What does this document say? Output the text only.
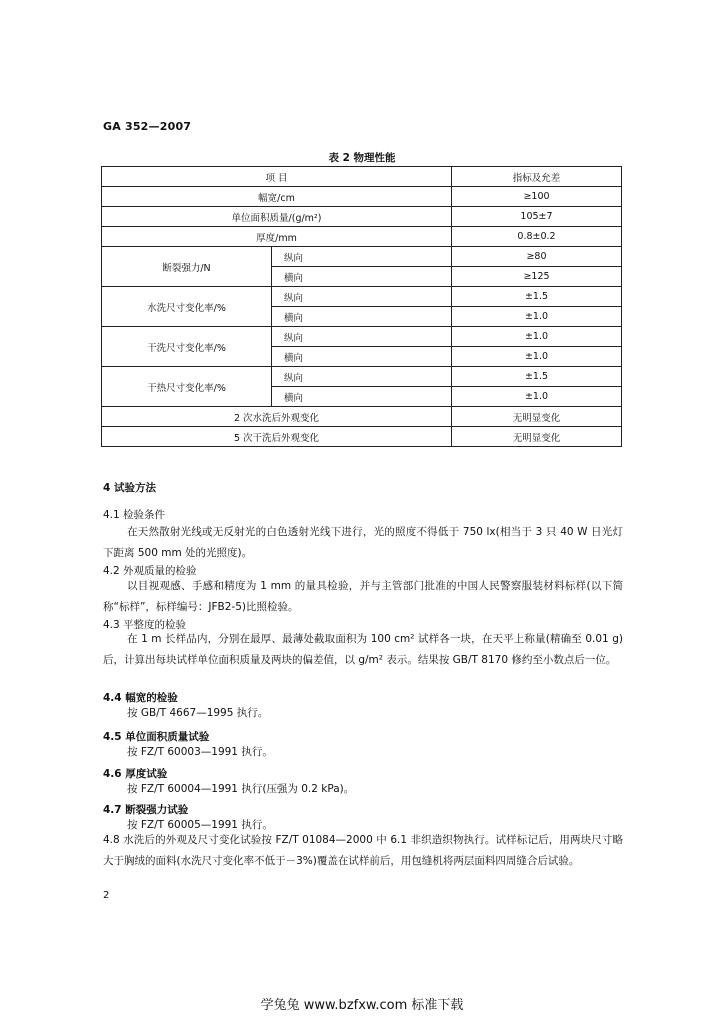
GA 352—2007
表 2 物理性能
项 目		指标及允差
幅宽/cm		≥100
单位面积质量/(g/m²)		105±7
厚度/mm		0.8±0.2
断裂强力/N	纵向	≥80
	横向	≥125
水洗尺寸变化率/%	纵向	±1.5
	横向	±1.0
干洗尺寸变化率/%	纵向	±1.0
	横向	±1.0
干热尺寸变化率/%	纵向	±1.5
	横向	±1.0
2 次水洗后外观变化		无明显变化
5 次干洗后外观变化		无明显变化
4 试验方法
4.1 检验条件
在天然散射光线或无反射光的白色透射光线下进行，光的照度不得低于 750 lx(相当于 3 只 40 W 日光灯下距离 500 mm 处的光照度)。
4.2 外观质量的检验
以目视观感、手感和精度为 1 mm 的量具检验，并与主管部门批准的中国人民警察服装材料标样(以下简称“标样”，标样编号：JFB2-5)比照检验。
4.3 平整度的检验
在 1 m 长样品内，分别在最厚、最薄处截取面积为 100 cm² 试样各一块，在天平上称量(精确至 0.01 g)后，计算出每块试样单位面积质量及两块的偏差值，以 g/m² 表示。结果按 GB/T 8170 修约至小数点后一位。
4.4 幅宽的检验
按 GB/T 4667—1995 执行。
4.5 单位面积质量试验
按 FZ/T 60003—1991 执行。
4.6 厚度试验
按 FZ/T 60004—1991 执行(压强为 0.2 kPa)。
4.7 断裂强力试验
按 FZ/T 60005—1991 执行。
4.8 水洗后的外观及尺寸变化试验按 FZ/T 01084—2000 中 6.1 非织造织物执行。试样标记后，用两块尺寸略大于胸绒的面料(水洗尺寸变化率不低于－3%)覆盖在试样前后，用包缝机将两层面料四周缝合后试验。
2
学兔兔 www.bzfxw.com 标准下载
